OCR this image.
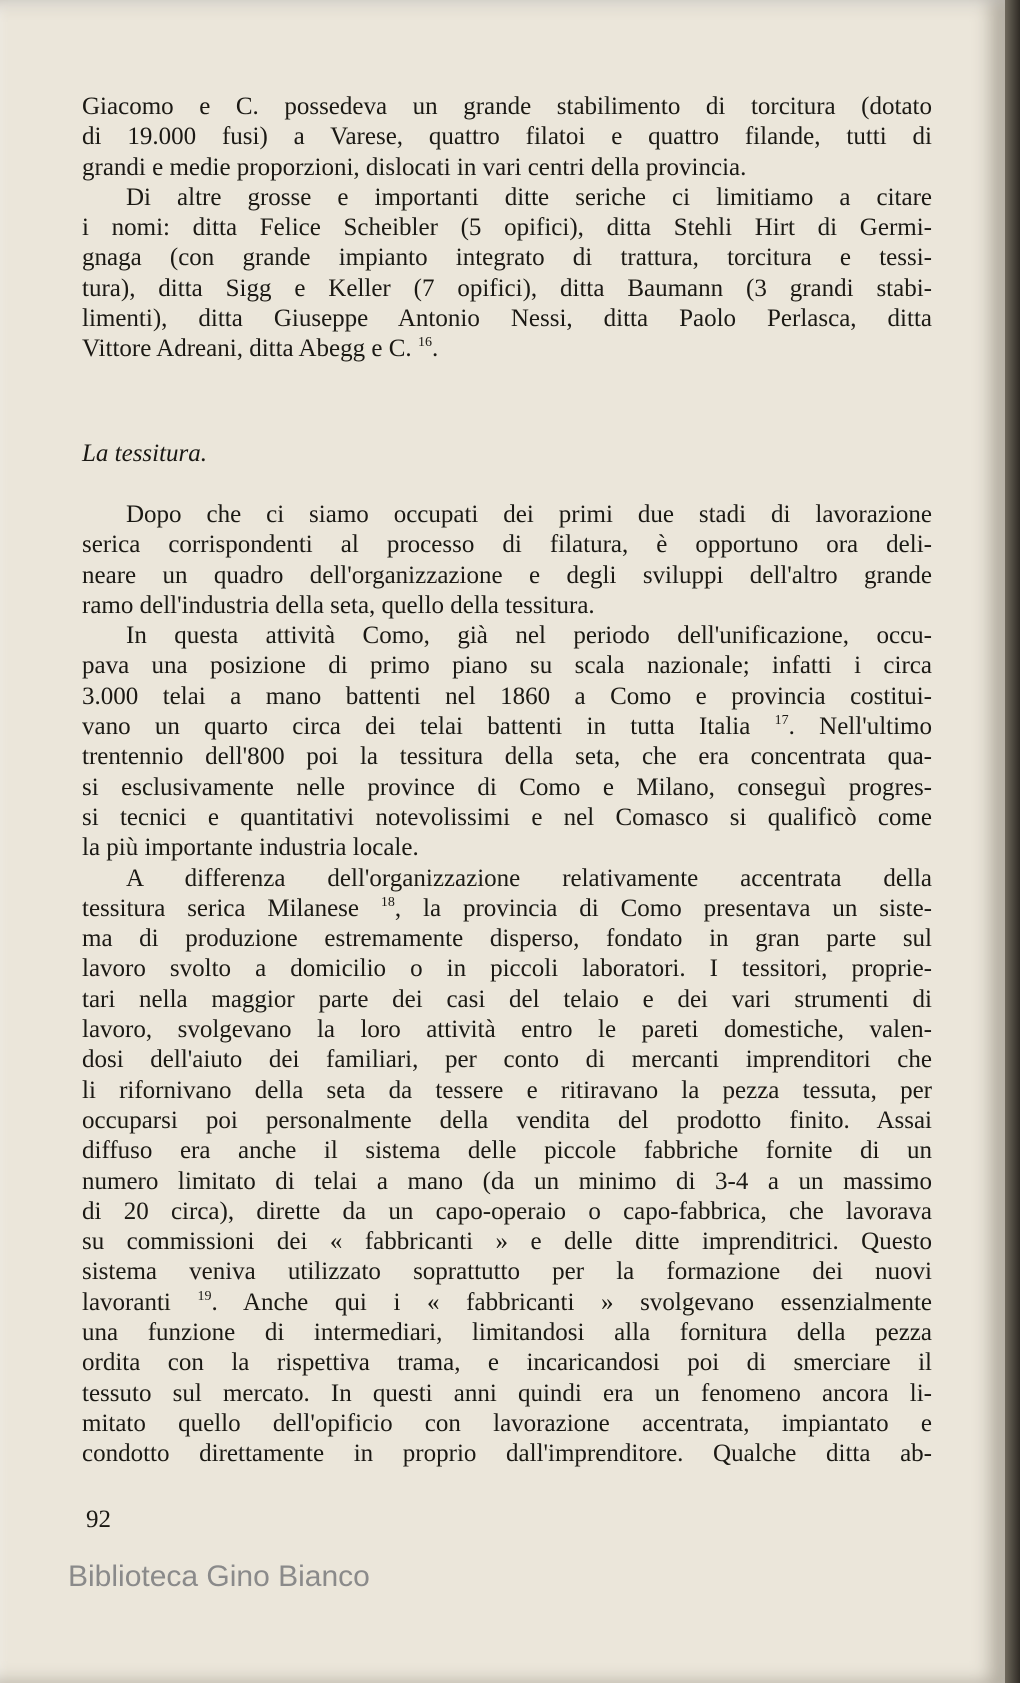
Giacomo e C. possedeva un grande stabilimento di torcitura (dotato
di 19.000 fusi) a Varese, quattro filatoi e quattro filande, tutti di
grandi e medie proporzioni, dislocati in vari centri della provincia.
Di altre grosse e importanti ditte seriche ci limitiamo a citare
i nomi: ditta Felice Scheibler (5 opifici), ditta Stehli Hirt di Germi-
gnaga (con grande impianto integrato di trattura, torcitura e tessi-
tura), ditta Sigg e Keller (7 opifici), ditta Baumann (3 grandi stabi-
limenti), ditta Giuseppe Antonio Nessi, ditta Paolo Perlasca, ditta
Vittore Adreani, ditta Abegg e C. $^{16}$.
La tessitura.
Dopo che ci siamo occupati dei primi due stadi di lavorazione
serica corrispondenti al processo di filatura, è opportuno ora deli-
neare un quadro dell'organizzazione e degli sviluppi dell'altro grande
ramo dell'industria della seta, quello della tessitura.
In questa attività Como, già nel periodo dell'unificazione, occu-
pava una posizione di primo piano su scala nazionale; infatti i circa
3.000 telai a mano battenti nel 1860 a Como e provincia costitui-
vano un quarto circa dei telai battenti in tutta Italia $^{17}$. Nell'ultimo
trentennio dell'800 poi la tessitura della seta, che era concentrata qua-
si esclusivamente nelle province di Como e Milano, conseguì progres-
si tecnici e quantitativi notevolissimi e nel Comasco si qualificò come
la più importante industria locale.
A differenza dell'organizzazione relativamente accentrata della
tessitura serica Milanese $^{18}$, la provincia di Como presentava un siste-
ma di produzione estremamente disperso, fondato in gran parte sul
lavoro svolto a domicilio o in piccoli laboratori. I tessitori, proprie-
tari nella maggior parte dei casi del telaio e dei vari strumenti di
lavoro, svolgevano la loro attività entro le pareti domestiche, valen-
dosi dell'aiuto dei familiari, per conto di mercanti imprenditori che
li rifornivano della seta da tessere e ritiravano la pezza tessuta, per
occuparsi poi personalmente della vendita del prodotto finito. Assai
diffuso era anche il sistema delle piccole fabbriche fornite di un
numero limitato di telai a mano (da un minimo di 3-4 a un massimo
di 20 circa), dirette da un capo-operaio o capo-fabbrica, che lavorava
su commissioni dei « fabbricanti » e delle ditte imprenditrici. Questo
sistema veniva utilizzato soprattutto per la formazione dei nuovi
lavoranti $^{19}$. Anche qui i « fabbricanti » svolgevano essenzialmente
una funzione di intermediari, limitandosi alla fornitura della pezza
ordita con la rispettiva trama, e incaricandosi poi di smerciare il
tessuto sul mercato. In questi anni quindi era un fenomeno ancora li-
mitato quello dell'opificio con lavorazione accentrata, impiantato e
condotto direttamente in proprio dall'imprenditore. Qualche ditta ab-
92
Biblioteca Gino Bianco
